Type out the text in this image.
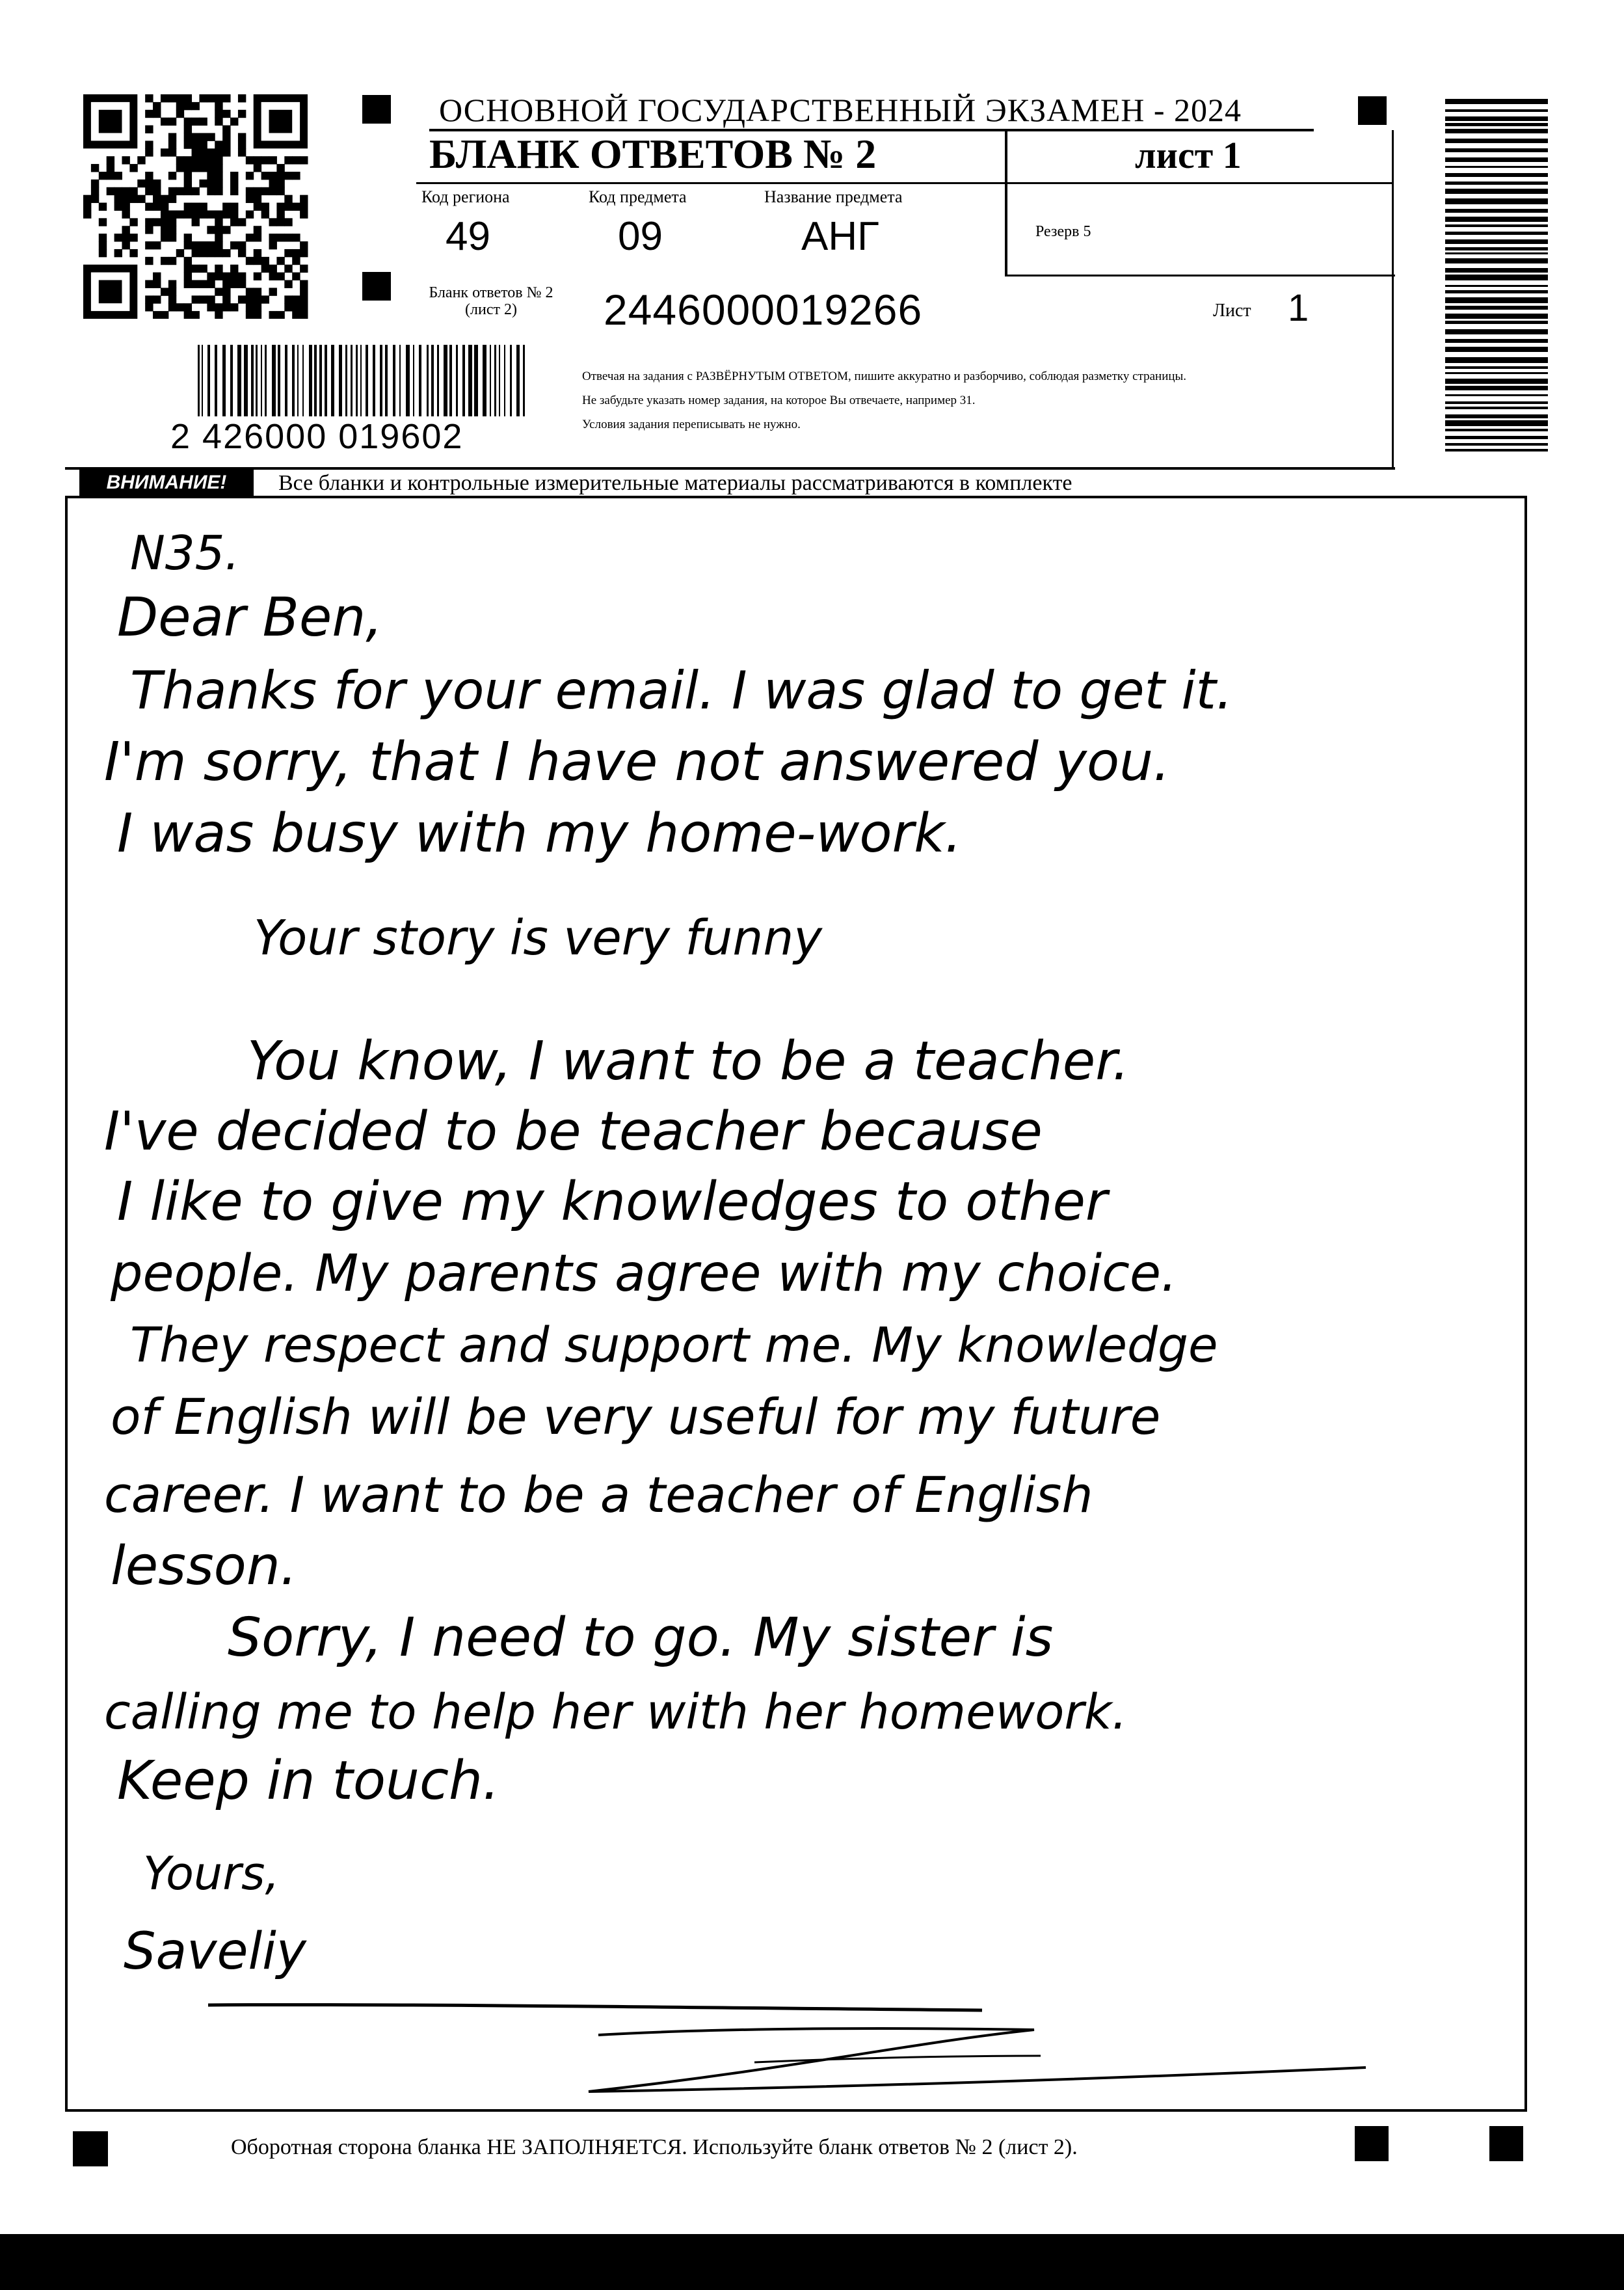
ОСНОВНОЙ ГОСУДАРСТВЕННЫЙ ЭКЗАМЕН - 2024
БЛАНК ОТВЕТОВ № 2	лист 1
Код региона
49
Код предмета
09
Название предмета
АНГ	Резерв 5
Бланк ответов № 2 (лист 2)	2446000019266	Лист 1
2 426000 019602
Отвечая на задания с РАЗВЁРНУТЫМ ОТВЕТОМ, пишите аккуратно и разборчиво, соблюдая разметку страницы.
Не забудьте указать номер задания, на которое Вы отвечаете, например 31.
Условия задания переписывать не нужно.
ВНИМАНИЕ!	Все бланки и контрольные измерительные материалы рассматриваются в комплекте
N35.
Dear Ben,
Thanks for your email. I was glad to get it.
I'm sorry, that I have not answered you.
I was busy with my home-work.
Your story is very funny
You know, I want to be a teacher.
I've decided to be teacher because
I like to give my knowledges to other
people. My parents agree with my choice.
They respect and support me. My knowledge
of English will be very useful for my future
career. I want to be a teacher of English
lesson.
Sorry, I need to go. My sister is
calling me to help her with her homework.
Keep in touch.
Yours,
Saveliy
Оборотная сторона бланка НЕ ЗАПОЛНЯЕТСЯ. Используйте бланк ответов № 2 (лист 2).
